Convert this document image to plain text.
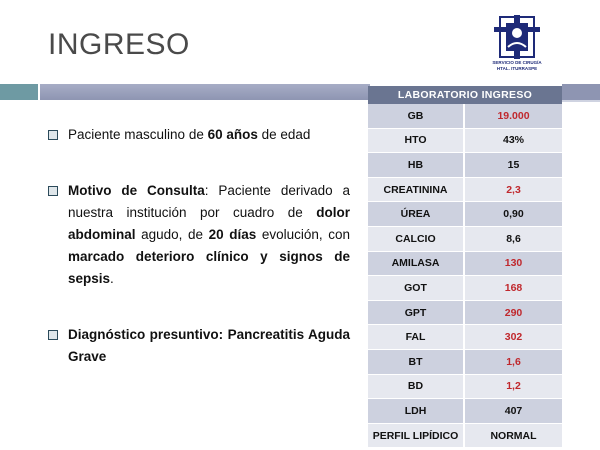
INGRESO
SERVICIO DE CIRUGÍA
HTAL. ITURRASPE
Paciente masculino de 60 años de edad
Motivo de Consulta: Paciente derivado a nuestra institución por cuadro de dolor abdominal agudo, de 20 días evolución, con marcado deterioro clínico y signos de sepsis.
Diagnóstico presuntivo: Pancreatitis Aguda Grave
LABORATORIO INGRESO
GB	19.000
HTO	43%
HB	15
CREATININA	2,3
ÚREA	0,90
CALCIO	8,6
AMILASA	130
GOT	168
GPT	290
FAL	302
BT	1,6
BD	1,2
LDH	407
PERFIL LIPÍDICO	NORMAL
